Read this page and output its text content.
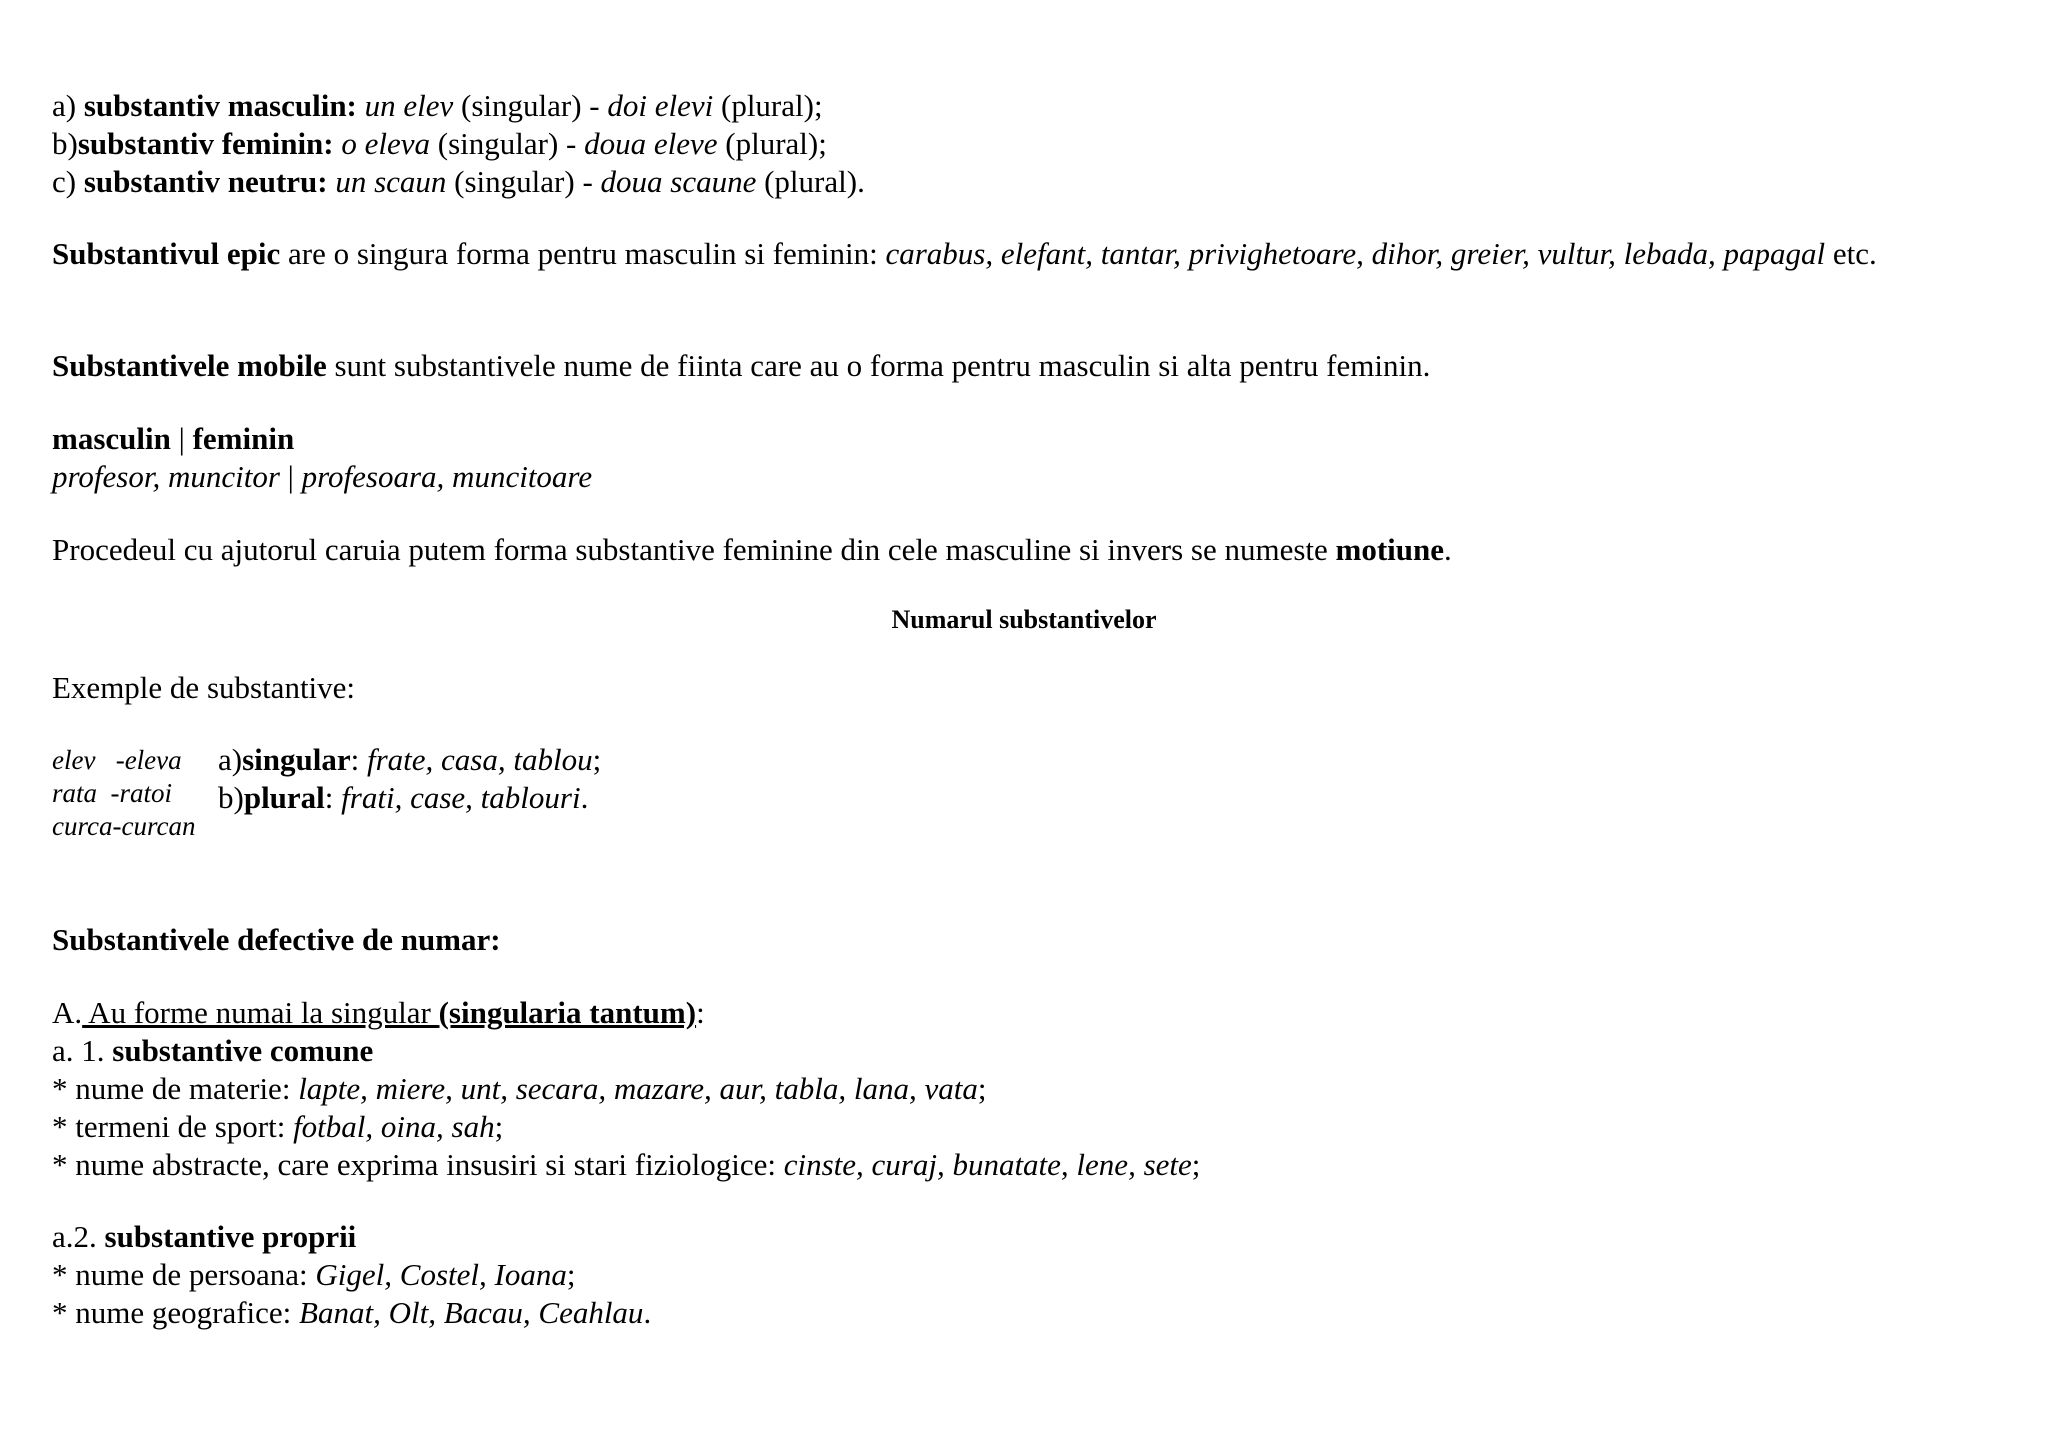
a) substantiv masculin: un elev (singular) - doi elevi (plural);
b)substantiv feminin: o eleva (singular) - doua eleve (plural);
c) substantiv neutru: un scaun (singular) - doua scaune (plural).
Substantivul epic are o singura forma pentru masculin si feminin: carabus, elefant, tantar, privighetoare, dihor, greier, vultur, lebada, papagal etc.
Substantivele mobile sunt substantivele nume de fiinta care au o forma pentru masculin si alta pentru feminin.
masculin | feminin
profesor, muncitor | profesoara, muncitoare
Procedeul cu ajutorul caruia putem forma substantive feminine din cele masculine si invers se numeste motiune.
Numarul substantivelor
Exemple de substantive:
elev   -eleva
rata  -ratoi
curca-curcan
a)singular: frate, casa, tablou;
b)plural: frati, case, tablouri.
Substantivele defective de numar:
A. Au forme numai la singular (singularia tantum):
a. 1. substantive comune
* nume de materie: lapte, miere, unt, secara, mazare, aur, tabla, lana, vata;
* termeni de sport: fotbal, oina, sah;
* nume abstracte, care exprima insusiri si stari fiziologice: cinste, curaj, bunatate, lene, sete;
a.2. substantive proprii
* nume de persoana: Gigel, Costel, Ioana;
* nume geografice: Banat, Olt, Bacau, Ceahlau.
